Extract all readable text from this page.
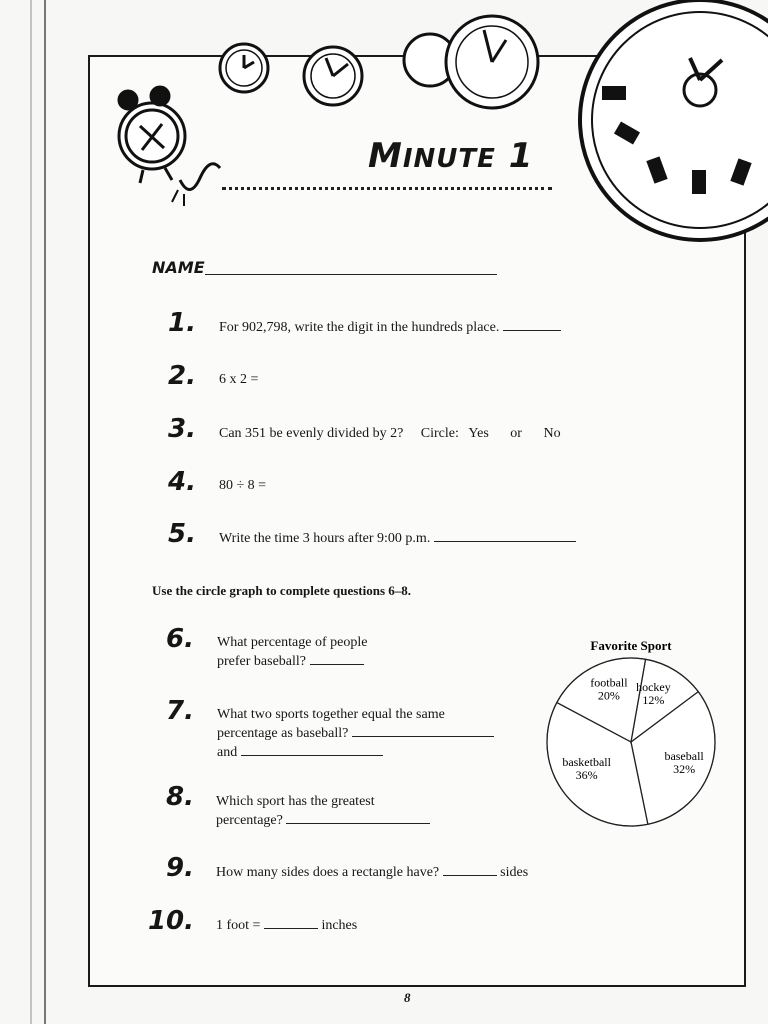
MINUTE 1
NAME
1. For 902,798, write the digit in the hundreds place.
2. 6 x 2 =
3. Can 351 be evenly divided by 2? Circle: Yes or No
4. 80 ÷ 8 =
5. Write the time 3 hours after 9:00 p.m.
Use the circle graph to complete questions 6–8.
6. What percentage of people
prefer baseball?
7. What two sports together equal the same
percentage as baseball?
and
8. Which sport has the greatest
percentage?
9. How many sides does a rectangle have?	sides
10. 1 foot =	inches
Favorite Sport
hockey
12%
baseball
32%
basketball
36%
football
20%
8
